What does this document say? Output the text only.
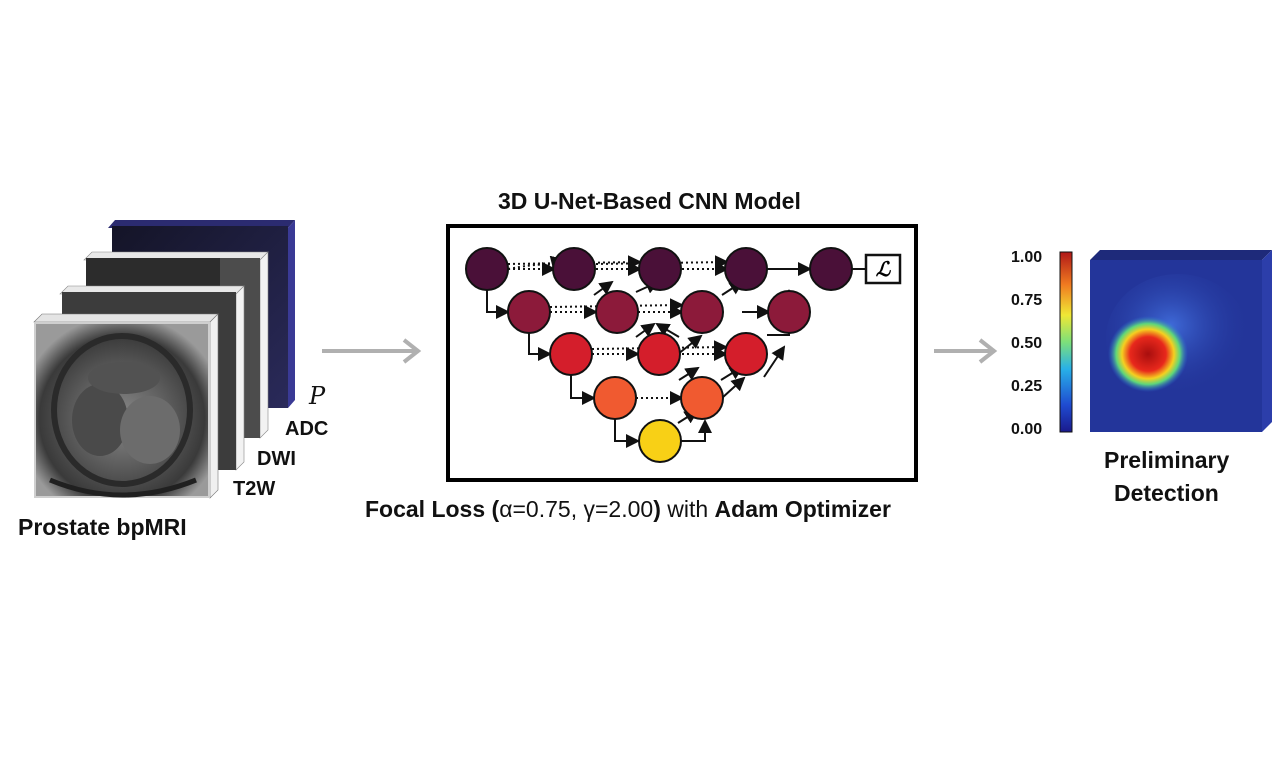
ADC
DWI
T2W
P
Prostate bpMRI
3D U-Net-Based CNN Model
ℒ
Focal Loss (α=0.75, γ=2.00) with Adam Optimizer
1.00
0.75
0.50
0.25
0.00
Preliminary
Detection
